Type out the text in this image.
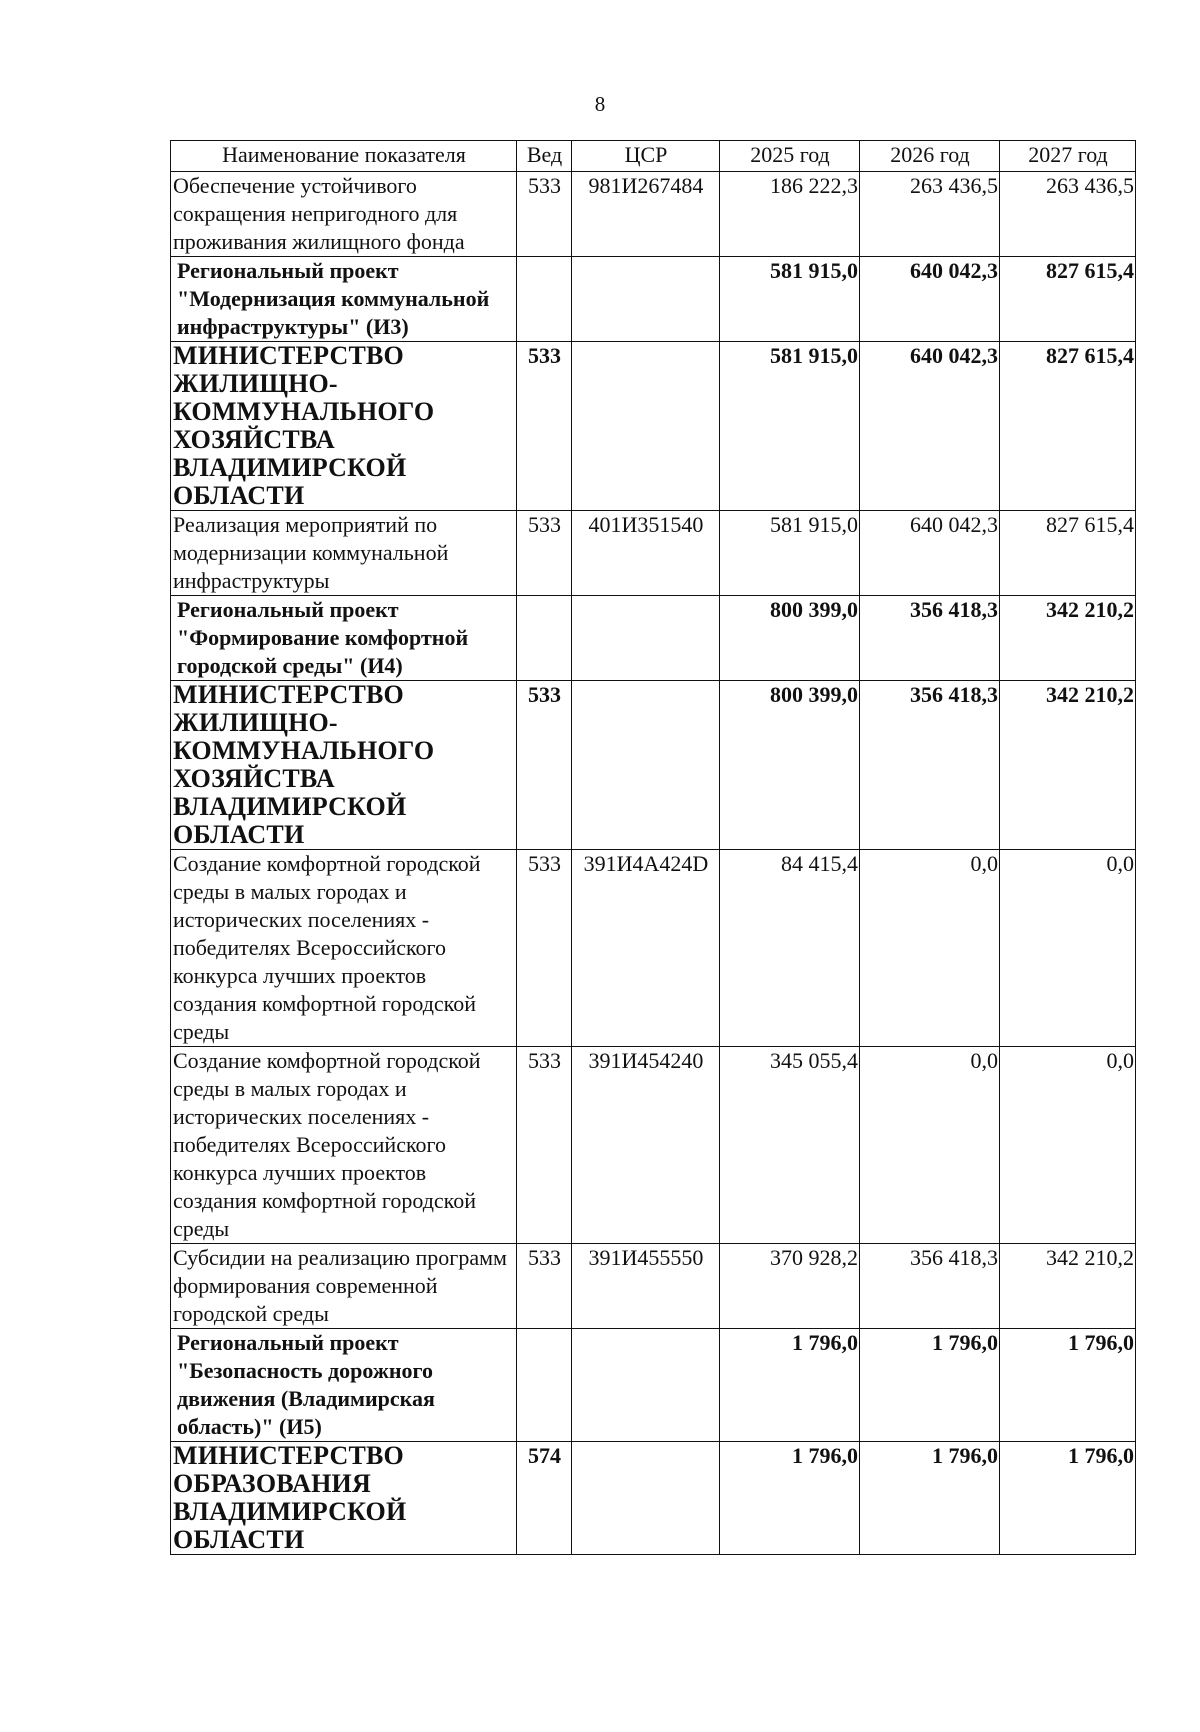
8
Наименование показателя	Вед	ЦСР	2025 год	2026 год	2027 год
Обеспечение устойчивого сокращения непригодного для проживания жилищного фонда	533	981И267484	186 222,3	263 436,5	263 436,5
Региональный проект "Модернизация коммунальной инфраструктуры" (И3)			581 915,0	640 042,3	827 615,4
МИНИСТЕРСТВО ЖИЛИЩНО-КОММУНАЛЬНОГО ХОЗЯЙСТВА ВЛАДИМИРСКОЙ ОБЛАСТИ	533		581 915,0	640 042,3	827 615,4
Реализация мероприятий по модернизации коммунальной инфраструктуры	533	401И351540	581 915,0	640 042,3	827 615,4
Региональный проект "Формирование комфортной городской среды" (И4)			800 399,0	356 418,3	342 210,2
МИНИСТЕРСТВО ЖИЛИЩНО-КОММУНАЛЬНОГО ХОЗЯЙСТВА ВЛАДИМИРСКОЙ ОБЛАСТИ	533		800 399,0	356 418,3	342 210,2
Создание комфортной городской среды в малых городах и исторических поселениях - победителях Всероссийского конкурса лучших проектов создания комфортной городской среды	533	391И4А424D	84 415,4	0,0	0,0
Создание комфортной городской среды в малых городах и исторических поселениях - победителях Всероссийского конкурса лучших проектов создания комфортной городской среды	533	391И454240	345 055,4	0,0	0,0
Субсидии на реализацию программ формирования современной городской среды	533	391И455550	370 928,2	356 418,3	342 210,2
Региональный проект "Безопасность дорожного движения (Владимирская область)" (И5)			1 796,0	1 796,0	1 796,0
МИНИСТЕРСТВО ОБРАЗОВАНИЯ ВЛАДИМИРСКОЙ ОБЛАСТИ	574		1 796,0	1 796,0	1 796,0
